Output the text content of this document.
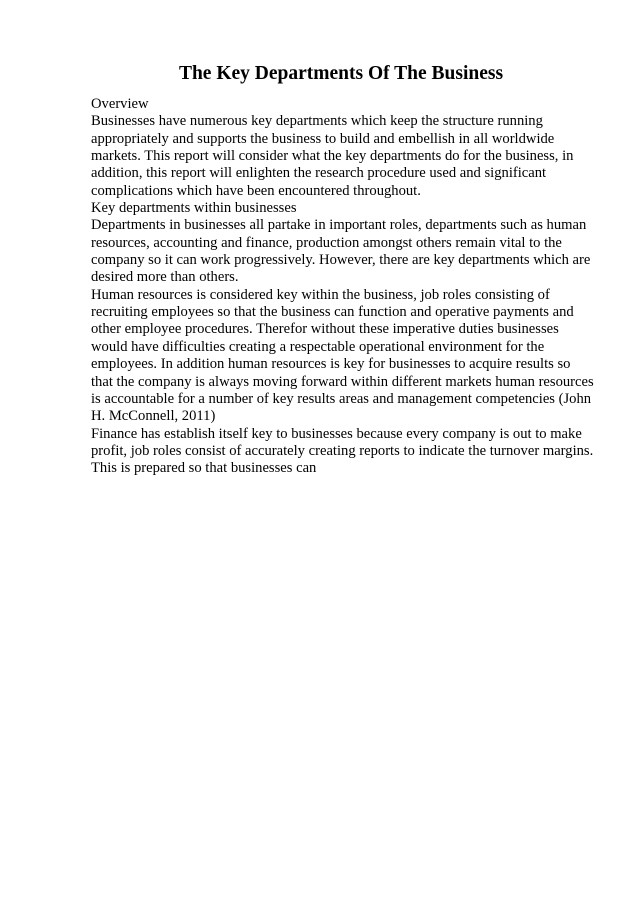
The Key Departments Of The Business

Overview

Businesses have numerous key departments which keep the structure running

appropriately and supports the business to build and embellish in all worldwide

markets. This report will consider what the key departments do for the business, in

addition, this report will enlighten the research procedure used and significant

complications which have been encountered throughout.

Key departments within businesses

Departments in businesses all partake in important roles, departments such as human

resources, accounting and finance, production amongst others remain vital to the

company so it can work progressively. However, there are key departments which are

desired more than others.

Human resources is considered key within the business, job roles consisting of

recruiting employees so that the business can function and operative payments and

other employee procedures. Therefor without these imperative duties businesses

would have difficulties creating a respectable operational environment for the

employees. In addition human resources is key for businesses to acquire results so

that the company is always moving forward within different markets human resources

is accountable for a number of key results areas and management competencies (John

H. McConnell, 2011)

Finance has establish itself key to businesses because every company is out to make

profit, job roles consist of accurately creating reports to indicate the turnover margins.

This is prepared so that businesses can
